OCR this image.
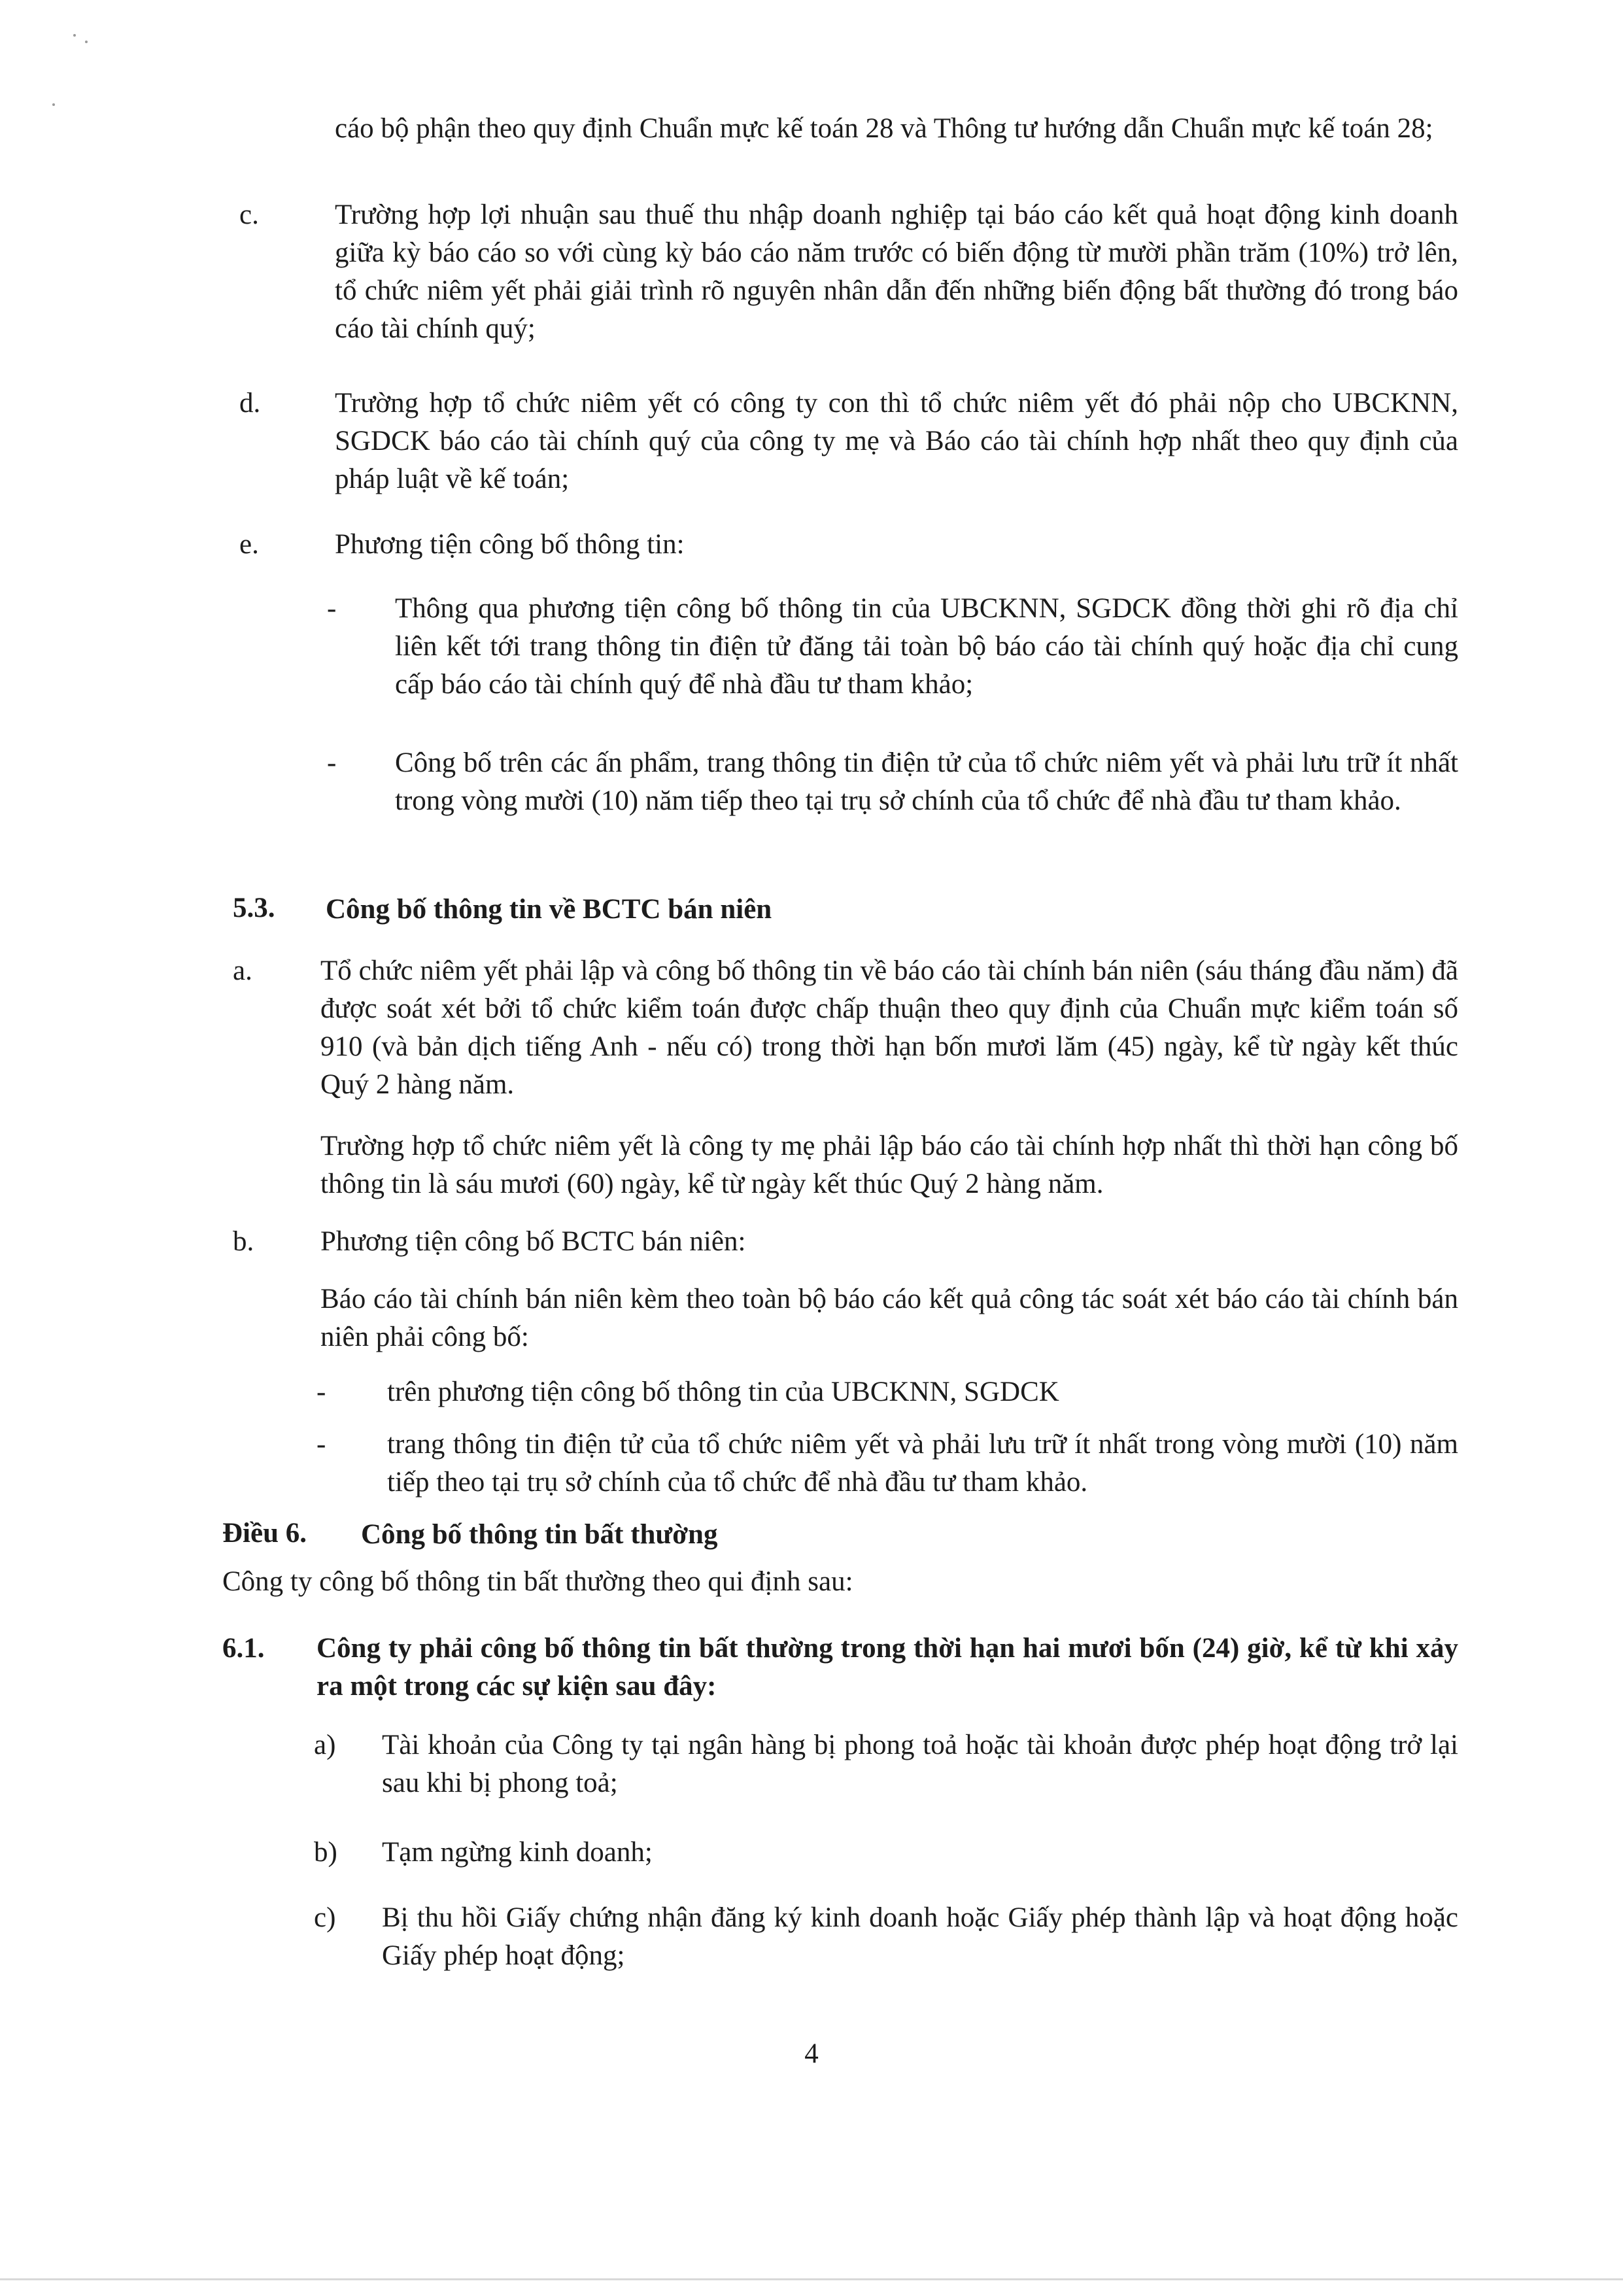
cáo bộ phận theo quy định Chuẩn mực kế toán 28 và Thông tư hướng dẫn Chuẩn mực kế toán 28;

c.	Trường hợp lợi nhuận sau thuế thu nhập doanh nghiệp tại báo cáo kết quả hoạt động kinh doanh giữa kỳ báo cáo so với cùng kỳ báo cáo năm trước có biến động từ mười phần trăm (10%) trở lên, tổ chức niêm yết phải giải trình rõ nguyên nhân dẫn đến những biến động bất thường đó trong báo cáo tài chính quý;

d.	Trường hợp tổ chức niêm yết có công ty con thì tổ chức niêm yết đó phải nộp cho UBCKNN, SGDCK báo cáo tài chính quý của công ty mẹ và Báo cáo tài chính hợp nhất theo quy định của pháp luật về kế toán;

e.	Phương tiện công bố thông tin:

- Thông qua phương tiện công bố thông tin của UBCKNN, SGDCK đồng thời ghi rõ địa chỉ liên kết tới trang thông tin điện tử đăng tải toàn bộ báo cáo tài chính quý hoặc địa chỉ cung cấp báo cáo tài chính quý để nhà đầu tư tham khảo;

- Công bố trên các ấn phẩm, trang thông tin điện tử của tổ chức niêm yết và phải lưu trữ ít nhất trong vòng mười (10) năm tiếp theo tại trụ sở chính của tổ chức để nhà đầu tư tham khảo.

5.3. Công bố thông tin về BCTC bán niên
a. Tổ chức niêm yết phải lập và công bố thông tin về báo cáo tài chính bán niên (sáu tháng đầu năm) đã được soát xét bởi tổ chức kiểm toán được chấp thuận theo quy định của Chuẩn mực kiểm toán số 910 (và bản dịch tiếng Anh - nếu có) trong thời hạn bốn mươi lăm (45) ngày, kể từ ngày kết thúc Quý 2 hàng năm.

Trường hợp tổ chức niêm yết là công ty mẹ phải lập báo cáo tài chính hợp nhất thì thời hạn công bố thông tin là sáu mươi (60) ngày, kể từ ngày kết thúc Quý 2 hàng năm.

b. Phương tiện công bố BCTC bán niên:

Báo cáo tài chính bán niên kèm theo toàn bộ báo cáo kết quả công tác soát xét báo cáo tài chính bán niên phải công bố:

- trên phương tiện công bố thông tin của UBCKNN, SGDCK

- trang thông tin điện tử của tổ chức niêm yết và phải lưu trữ ít nhất trong vòng mười (10) năm tiếp theo tại trụ sở chính của tổ chức để nhà đầu tư tham khảo.

Điều 6. Công bố thông tin bất thường

Công ty công bố thông tin bất thường theo qui định sau:

6.1. Công ty phải công bố thông tin bất thường trong thời hạn hai mươi bốn (24) giờ, kể từ khi xảy ra một trong các sự kiện sau đây:

a) Tài khoản của Công ty tại ngân hàng bị phong toả hoặc tài khoản được phép hoạt động trở lại sau khi bị phong toả;

b) Tạm ngừng kinh doanh;

c) Bị thu hồi Giấy chứng nhận đăng ký kinh doanh hoặc Giấy phép thành lập và hoạt động hoặc Giấy phép hoạt động;

4
